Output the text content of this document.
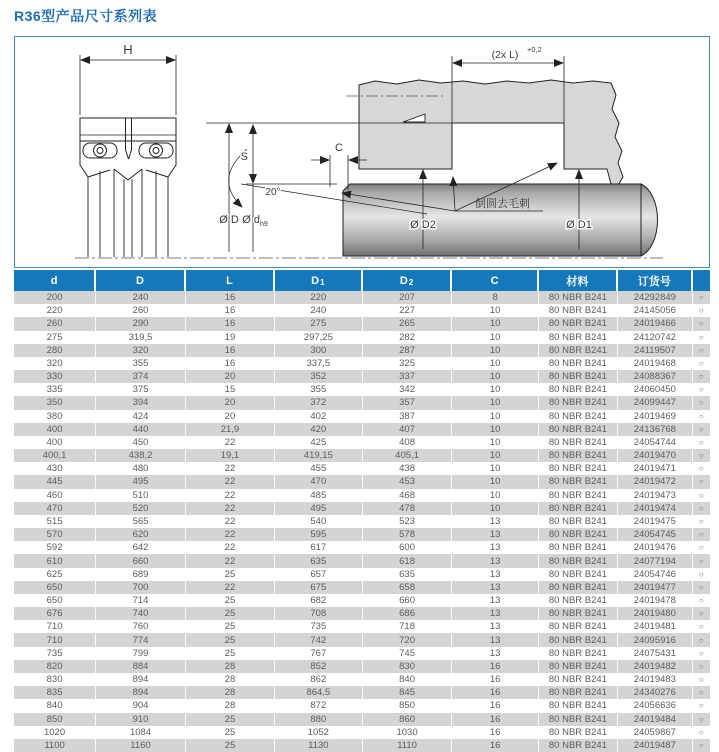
R36型产品尺寸系列表
H
S
C
20°
Ø D Ø $d_{h9}$	Ø D2	Ø D1
(2x L) +0,2
倒圆去毛刺
d	D	L	D 1	D 2	C	材料	订货号
200	240	16	220	207	8	80 NBR B241	24292849	○
220	260	16	240	227	10	80 NBR B241	24145056	○
260	290	16	275	265	10	80 NBR B241	24019466	○
275	319,5	19	297,25	282	10	80 NBR B241	24120742	○
280	320	16	300	287	10	80 NBR B241	24119507	○
320	355	16	337,5	325	10	80 NBR B241	24019468	○
330	374	20	352	337	10	80 NBR B241	24088367	○
335	375	15	355	342	10	80 NBR B241	24060450	○
350	394	20	372	357	10	80 NBR B241	24099447	○
380	424	20	402	387	10	80 NBR B241	24019469	○
400	440	21,9	420	407	10	80 NBR B241	24136768	○
400	450	22	425	408	10	80 NBR B241	24054744	○
400,1	438,2	19,1	419,15	405,1	10	80 NBR B241	24019470	○
430	480	22	455	438	10	80 NBR B241	24019471	○
445	495	22	470	453	10	80 NBR B241	24019472	○
460	510	22	485	468	10	80 NBR B241	24019473	○
470	520	22	495	478	10	80 NBR B241	24019474	○
515	565	22	540	523	13	80 NBR B241	24019475	○
570	620	22	595	578	13	80 NBR B241	24054745	○
592	642	22	617	600	13	80 NBR B241	24019476	○
610	660	22	635	618	13	80 NBR B241	24077194	○
625	689	25	657	635	13	80 NBR B241	24054746	○
650	700	22	675	658	13	80 NBR B241	24019477	○
650	714	25	682	660	13	80 NBR B241	24019478	○
676	740	25	708	686	13	80 NBR B241	24019480	○
710	760	25	735	718	13	80 NBR B241	24019481	○
710	774	25	742	720	13	80 NBR B241	24095916	○
735	799	25	767	745	13	80 NBR B241	24075431	○
820	884	28	852	830	16	80 NBR B241	24019482	○
830	894	28	862	840	16	80 NBR B241	24019483	○
835	894	28	864,5	845	16	80 NBR B241	24340276	○
840	904	28	872	850	16	80 NBR B241	24056636	○
850	910	25	880	860	16	80 NBR B241	24019484	○
1020	1084	25	1052	1030	16	80 NBR B241	24059867	○
1100	1160	25	1130	1110	16	80 NBR B241	24019487	○
